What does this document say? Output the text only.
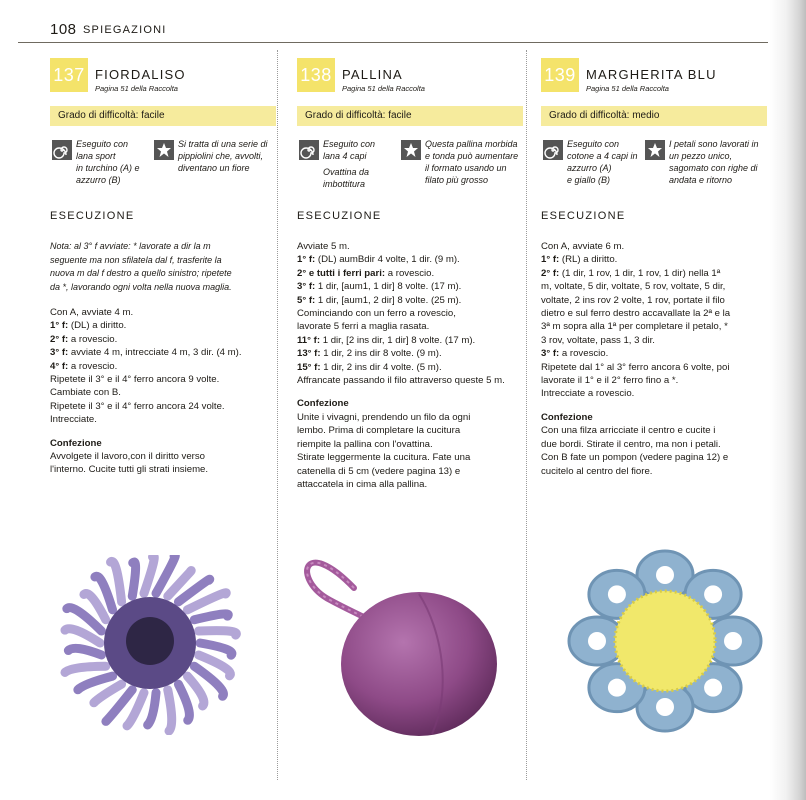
108 SPIEGAZIONI
137 FIORDALISO
Pagina 51 della Raccolta
Grado di difficoltà: facile
Eseguito con
lana sport
in turchino (A) e
azzurro (B)
Si tratta di una serie di
pippiolini che, avvolti,
diventano un fiore
ESECUZIONE

Nota: al 3° f avviate: * lavorate a dir la m

seguente ma non sfilatela dal f, trasferite la

nuova m dal f destro a quello sinistro; ripetete

da *, lavorando ogni volta nella nuova maglia.

Con A, avviate 4 m.

1° f: (DL) a diritto.

2° f: a rovescio.

3° f: avviate 4 m, intrecciate 4 m, 3 dir. (4 m).

4° f: a rovescio.

Ripetete il 3° e il 4° ferro ancora 9 volte.

Cambiate con B.

Ripetete il 3° e il 4° ferro ancora 24 volte.

Intrecciate.

Confezione

Avvolgete il lavoro,con il diritto verso

l'interno. Cucite tutti gli strati insieme.

138 PALLINA
Pagina 51 della Raccolta
Grado di difficoltà: facile
Eseguito con
lana 4 capi
Ovattina da
imbottitura
Questa pallina morbida
e tonda può aumentare
il formato usando un
filato più grosso
ESECUZIONE

Avviate 5 m.

1° f: (DL) aumBdir 4 volte, 1 dir. (9 m).

2° e tutti i ferri pari: a rovescio.

3° f: 1 dir, [aum1, 1 dir] 8 volte. (17 m).

5° f: 1 dir, [aum1, 2 dir] 8 volte. (25 m).

Cominciando con un ferro a rovescio,

lavorate 5 ferri a maglia rasata.

11° f: 1 dir, [2 ins dir, 1 dir] 8 volte. (17 m).

13° f: 1 dir, 2 ins dir 8 volte. (9 m).

15° f: 1 dir, 2 ins dir 4 volte. (5 m).

Affrancate passando il filo attraverso queste 5 m.

Confezione

Unite i vivagni, prendendo un filo da ogni

lembo. Prima di completare la cucitura

riempite la pallina con l'ovattina.

Stirate leggermente la cucitura. Fate una

catenella di 5 cm (vedere pagina 13) e

attaccatela in cima alla pallina.

139 MARGHERITA BLU
Pagina 51 della Raccolta
Grado di difficoltà: medio
Eseguito con
cotone a 4 capi in
azzurro (A)
e giallo (B)
I petali sono lavorati in
un pezzo unico,
sagomato con righe di
andata e ritorno
ESECUZIONE

Con A, avviate 6 m.

1° f: (RL) a diritto.

2° f: (1 dir, 1 rov, 1 dir, 1 rov, 1 dir) nella 1ª

m, voltate, 5 dir, voltate, 5 rov, voltate, 5 dir,

voltate, 2 ins rov 2 volte, 1 rov, portate il filo

dietro e sul ferro destro accavallate la 2ª e la

3ª m sopra alla 1ª per completare il petalo, *

3 rov, voltate, pass 1, 3 dir.

3° f: a rovescio.

Ripetete dal 1° al 3° ferro ancora 6 volte, poi

lavorate il 1° e il 2° ferro fino a *.

Intrecciate a rovescio.

Confezione

Con una filza arricciate il centro e cucite i

due bordi. Stirate il centro, ma non i petali.

Con B fate un pompon (vedere pagina 12) e

cucitelo al centro del fiore.
